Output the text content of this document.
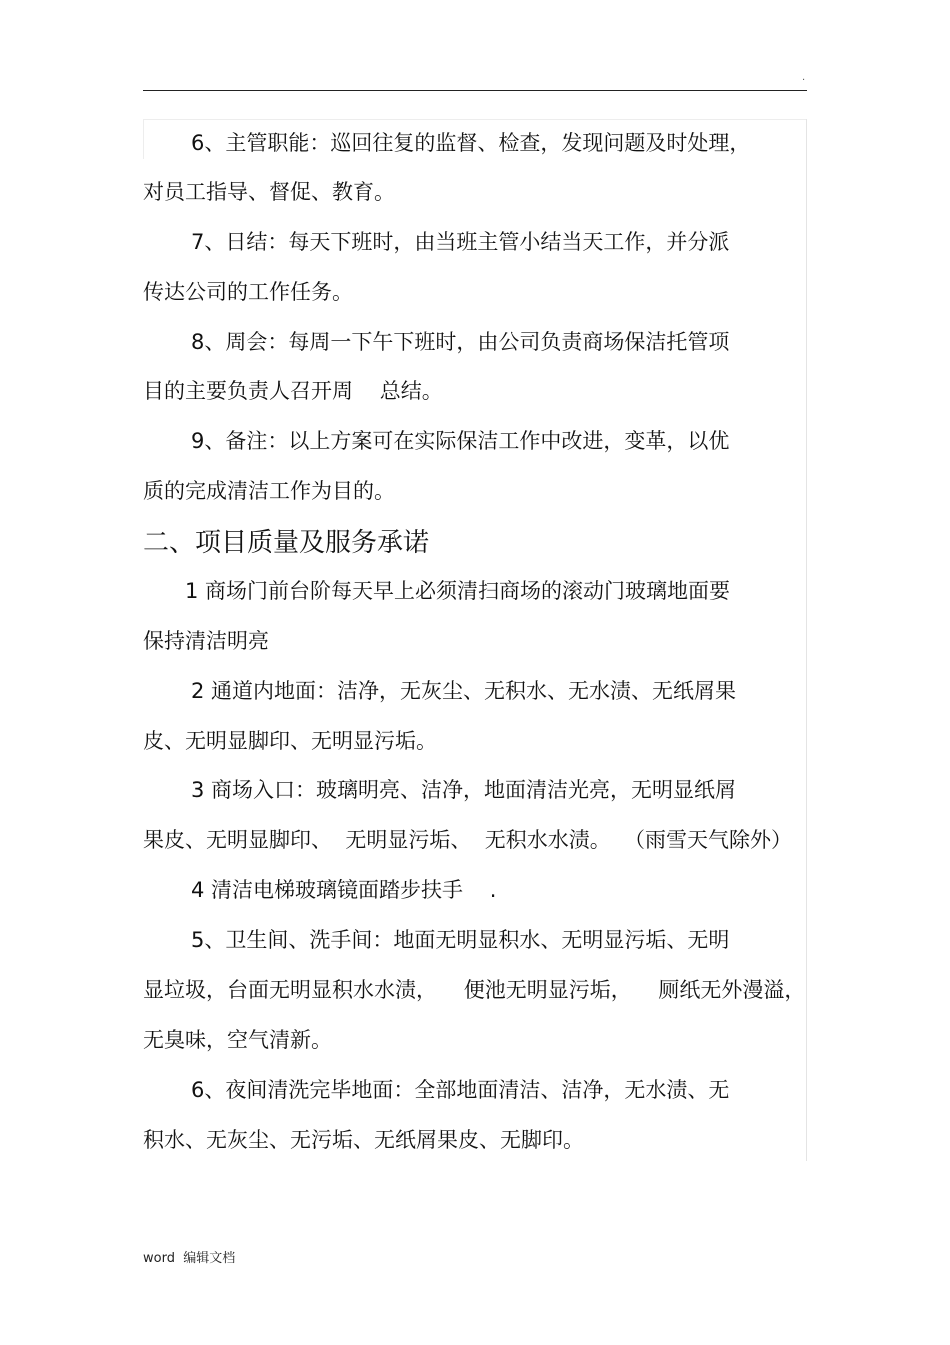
.
6、主管职能：巡回往复的监督、检查，发现问题及时处理，
对员工指导、督促、教育。
7、日结：每天下班时，由当班主管小结当天工作，并分派
传达公司的工作任务。
8、周会：每周一下午下班时，由公司负责商场保洁托管项
目的主要负责人召开周    总结。
9、备注：以上方案可在实际保洁工作中改进，变革，以优
质的完成清洁工作为目的。
二、项目质量及服务承诺
1 商场门前台阶每天早上必须清扫商场的滚动门玻璃地面要
保持清洁明亮
2 通道内地面：洁净，无灰尘、无积水、无水渍、无纸屑果
皮、无明显脚印、无明显污垢。
3 商场入口：玻璃明亮、洁净，地面清洁光亮，无明显纸屑
果皮、无明显脚印、  无明显污垢、  无积水水渍。  （雨雪天气除外）
4 清洁电梯玻璃镜面踏步扶手    .
5、卫生间、洗手间：地面无明显积水、无明显污垢、无明
显垃圾，台面无明显积水水渍，    便池无明显污垢，    厕纸无外漫溢，
无臭味，空气清新。
6、夜间清洗完毕地面：全部地面清洁、洁净，无水渍、无
积水、无灰尘、无污垢、无纸屑果皮、无脚印。
word  编辑文档
